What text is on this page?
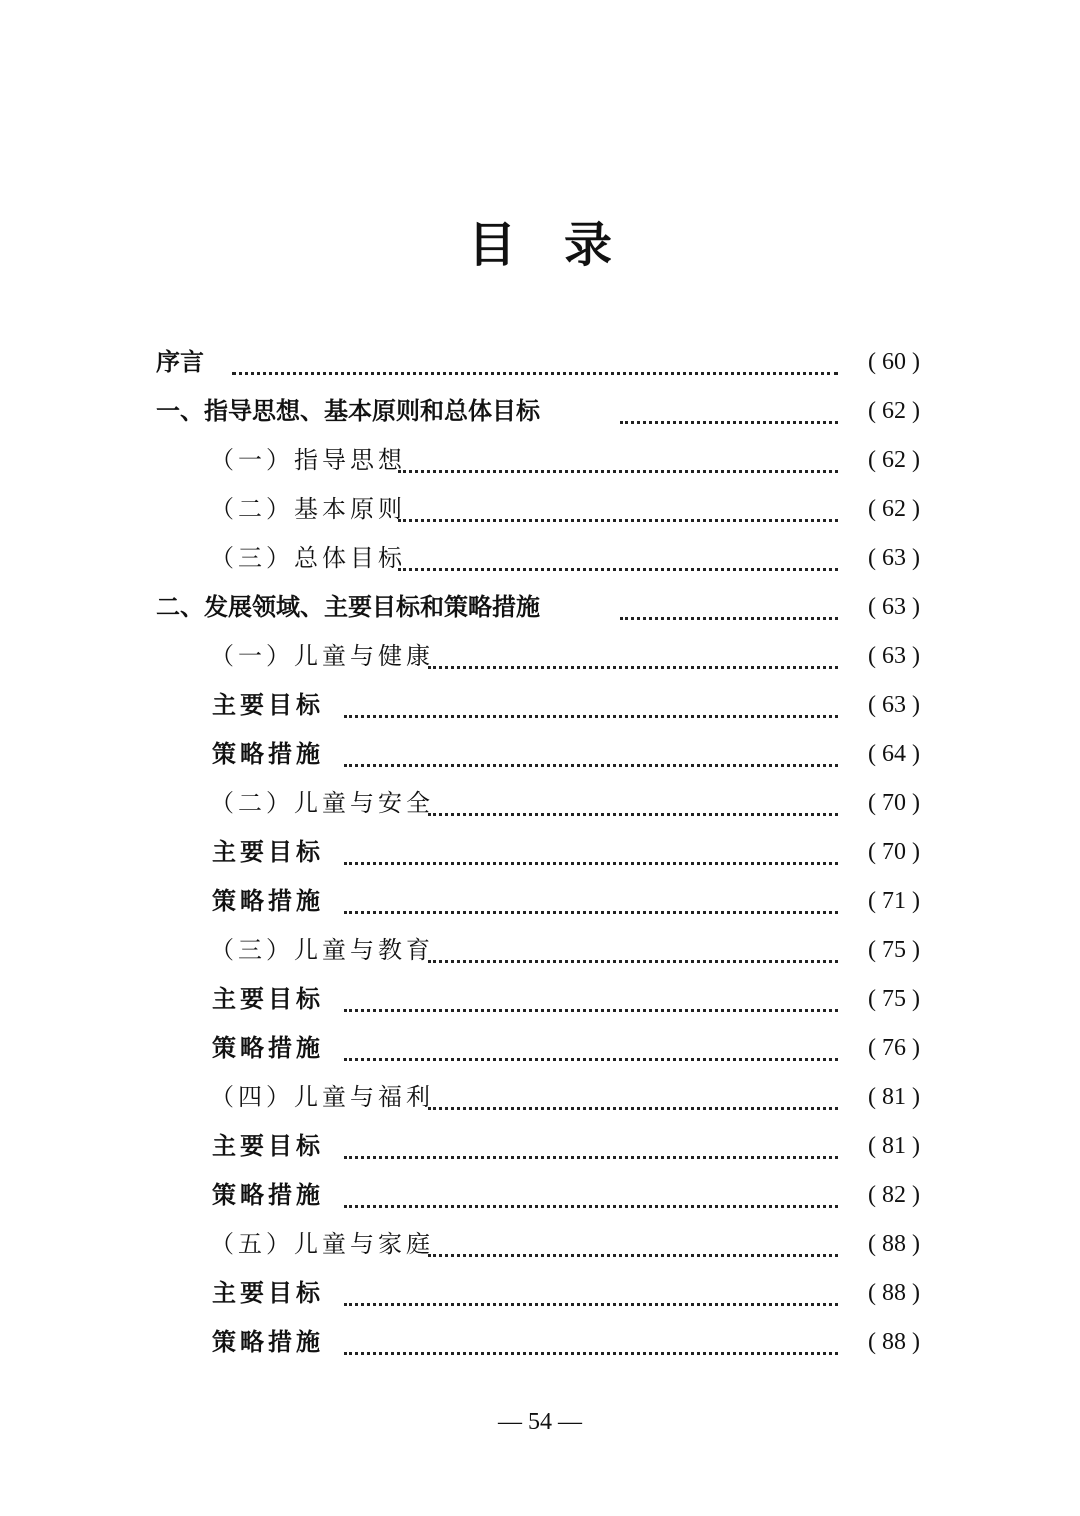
目录
序言	( 60 )
一、指导思想、基本原则和总体目标	( 62 )
（一）指导思想	( 62 )
（二）基本原则	( 62 )
（三）总体目标	( 63 )
二、发展领域、主要目标和策略措施	( 63 )
（一）儿童与健康	( 63 )
主要目标	( 63 )
策略措施	( 64 )
（二）儿童与安全	( 70 )
主要目标	( 70 )
策略措施	( 71 )
（三）儿童与教育	( 75 )
主要目标	( 75 )
策略措施	( 76 )
（四）儿童与福利	( 81 )
主要目标	( 81 )
策略措施	( 82 )
（五）儿童与家庭	( 88 )
主要目标	( 88 )
策略措施	( 88 )
— 54 —
